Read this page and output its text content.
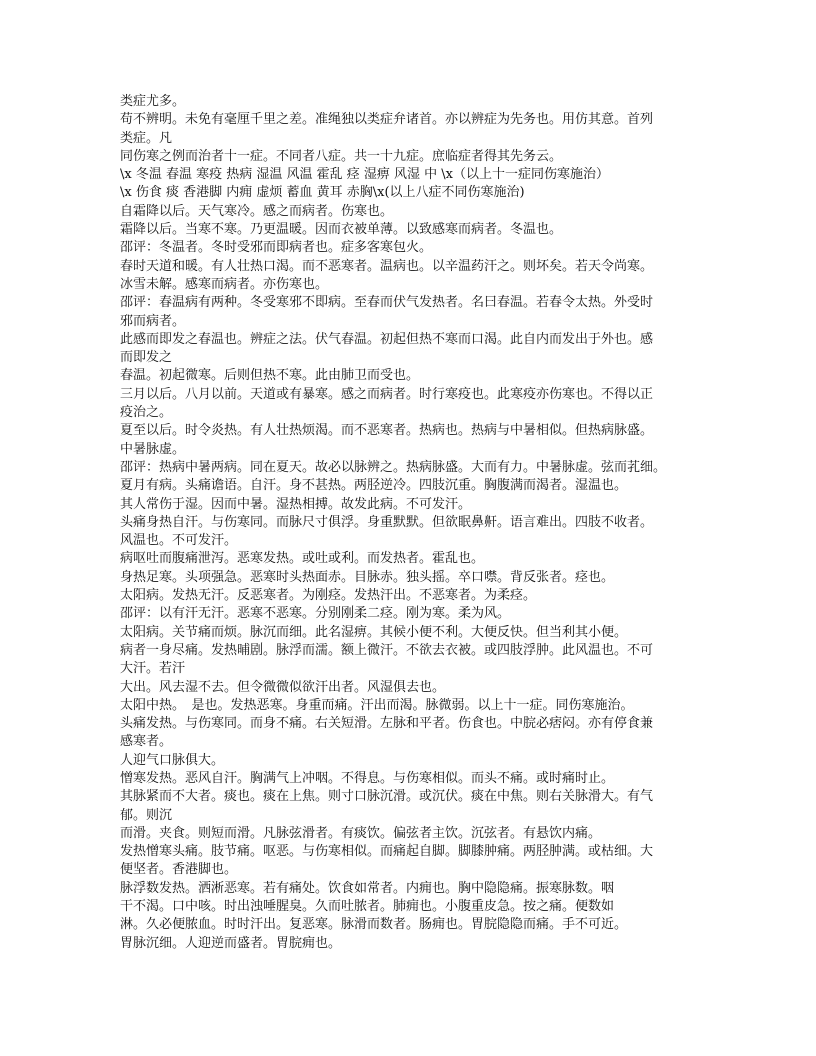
类症尤多。
苟不辨明。未免有毫厘千里之差。准绳独以类症弁诸首。亦以辨症为先务也。用仿其意。首列
类症。凡
同伤寒之例而治者十一症。不同者八症。共一十九症。庶临症者得其先务云。
\x 冬温 春温 寒疫 热病 湿温 风温 霍乱 痉 湿痹 风湿 中 \x（以上十一症同伤寒施治）
\x 伤食 痰 香港脚 内痈 虚烦 蓄血 黄耳 赤胸\x(以上八症不同伤寒施治)
自霜降以后。天气寒冷。感之而病者。伤寒也。
霜降以后。当寒不寒。乃更温暖。因而衣被单薄。以致感寒而病者。冬温也。
邵评：冬温者。冬时受邪而即病者也。症多客寒包火。
春时天道和暖。有人壮热口渴。而不恶寒者。温病也。以辛温药汗之。则坏矣。若天令尚寒。
冰雪未解。感寒而病者。亦伤寒也。
邵评：春温病有两种。冬受寒邪不即病。至春而伏气发热者。名曰春温。若春令太热。外受时
邪而病者。
此感而即发之春温也。辨症之法。伏气春温。初起但热不寒而口渴。此自内而发出于外也。感
而即发之
春温。初起微寒。后则但热不寒。此由肺卫而受也。
三月以后。八月以前。天道或有暴寒。感之而病者。时行寒疫也。此寒疫亦伤寒也。不得以正
疫治之。
夏至以后。时令炎热。有人壮热烦渴。而不恶寒者。热病也。热病与中暑相似。但热病脉盛。
中暑脉虚。
邵评：热病中暑两病。同在夏天。故必以脉辨之。热病脉盛。大而有力。中暑脉虚。弦而芤细。
夏月有病。头痛谵语。自汗。身不甚热。两胫逆冷。四肢沉重。胸腹满而渴者。湿温也。
其人常伤于湿。因而中暑。湿热相搏。故发此病。不可发汗。
头痛身热自汗。与伤寒同。而脉尺寸俱浮。身重默默。但欲眠鼻鼾。语言难出。四肢不收者。
风温也。不可发汗。
病呕吐而腹痛泄泻。恶寒发热。或吐或利。而发热者。霍乱也。
身热足寒。头项强急。恶寒时头热面赤。目脉赤。独头摇。卒口噤。背反张者。痉也。
太阳病。发热无汗。反恶寒者。为刚痉。发热汗出。不恶寒者。为柔痉。
邵评：以有汗无汗。恶寒不恶寒。分别刚柔二痉。刚为寒。柔为风。
太阳病。关节痛而烦。脉沉而细。此名湿痹。其候小便不利。大便反快。但当利其小便。
病者一身尽痛。发热晡剧。脉浮而濡。额上微汗。不欲去衣被。或四肢浮肿。此风温也。不可
大汗。若汗
大出。风去湿不去。但令微微似欲汗出者。风湿俱去也。
太阳中热。　是也。发热恶寒。身重而痛。汗出而渴。脉微弱。以上十一症。同伤寒施治。
头痛发热。与伤寒同。而身不痛。右关短滑。左脉和平者。伤食也。中脘必痞闷。亦有停食兼
感寒者。
人迎气口脉俱大。
憎寒发热。恶风自汗。胸满气上冲咽。不得息。与伤寒相似。而头不痛。或时痛时止。
其脉紧而不大者。痰也。痰在上焦。则寸口脉沉滑。或沉伏。痰在中焦。则右关脉滑大。有气
郁。则沉
而滑。夹食。则短而滑。凡脉弦滑者。有痰饮。偏弦者主饮。沉弦者。有悬饮内痛。
发热憎寒头痛。肢节痛。呕恶。与伤寒相似。而痛起自脚。脚膝肿痛。两胫肿满。或枯细。大
便坚者。香港脚也。
脉浮数发热。洒淅恶寒。若有痛处。饮食如常者。内痈也。胸中隐隐痛。振寒脉数。咽
干不渴。口中咳。时出浊唾腥臭。久而吐脓者。肺痈也。小腹重皮急。按之痛。便数如
淋。久必便脓血。时时汗出。复恶寒。脉滑而数者。肠痈也。胃脘隐隐而痛。手不可近。
胃脉沉细。人迎逆而盛者。胃脘痈也。
